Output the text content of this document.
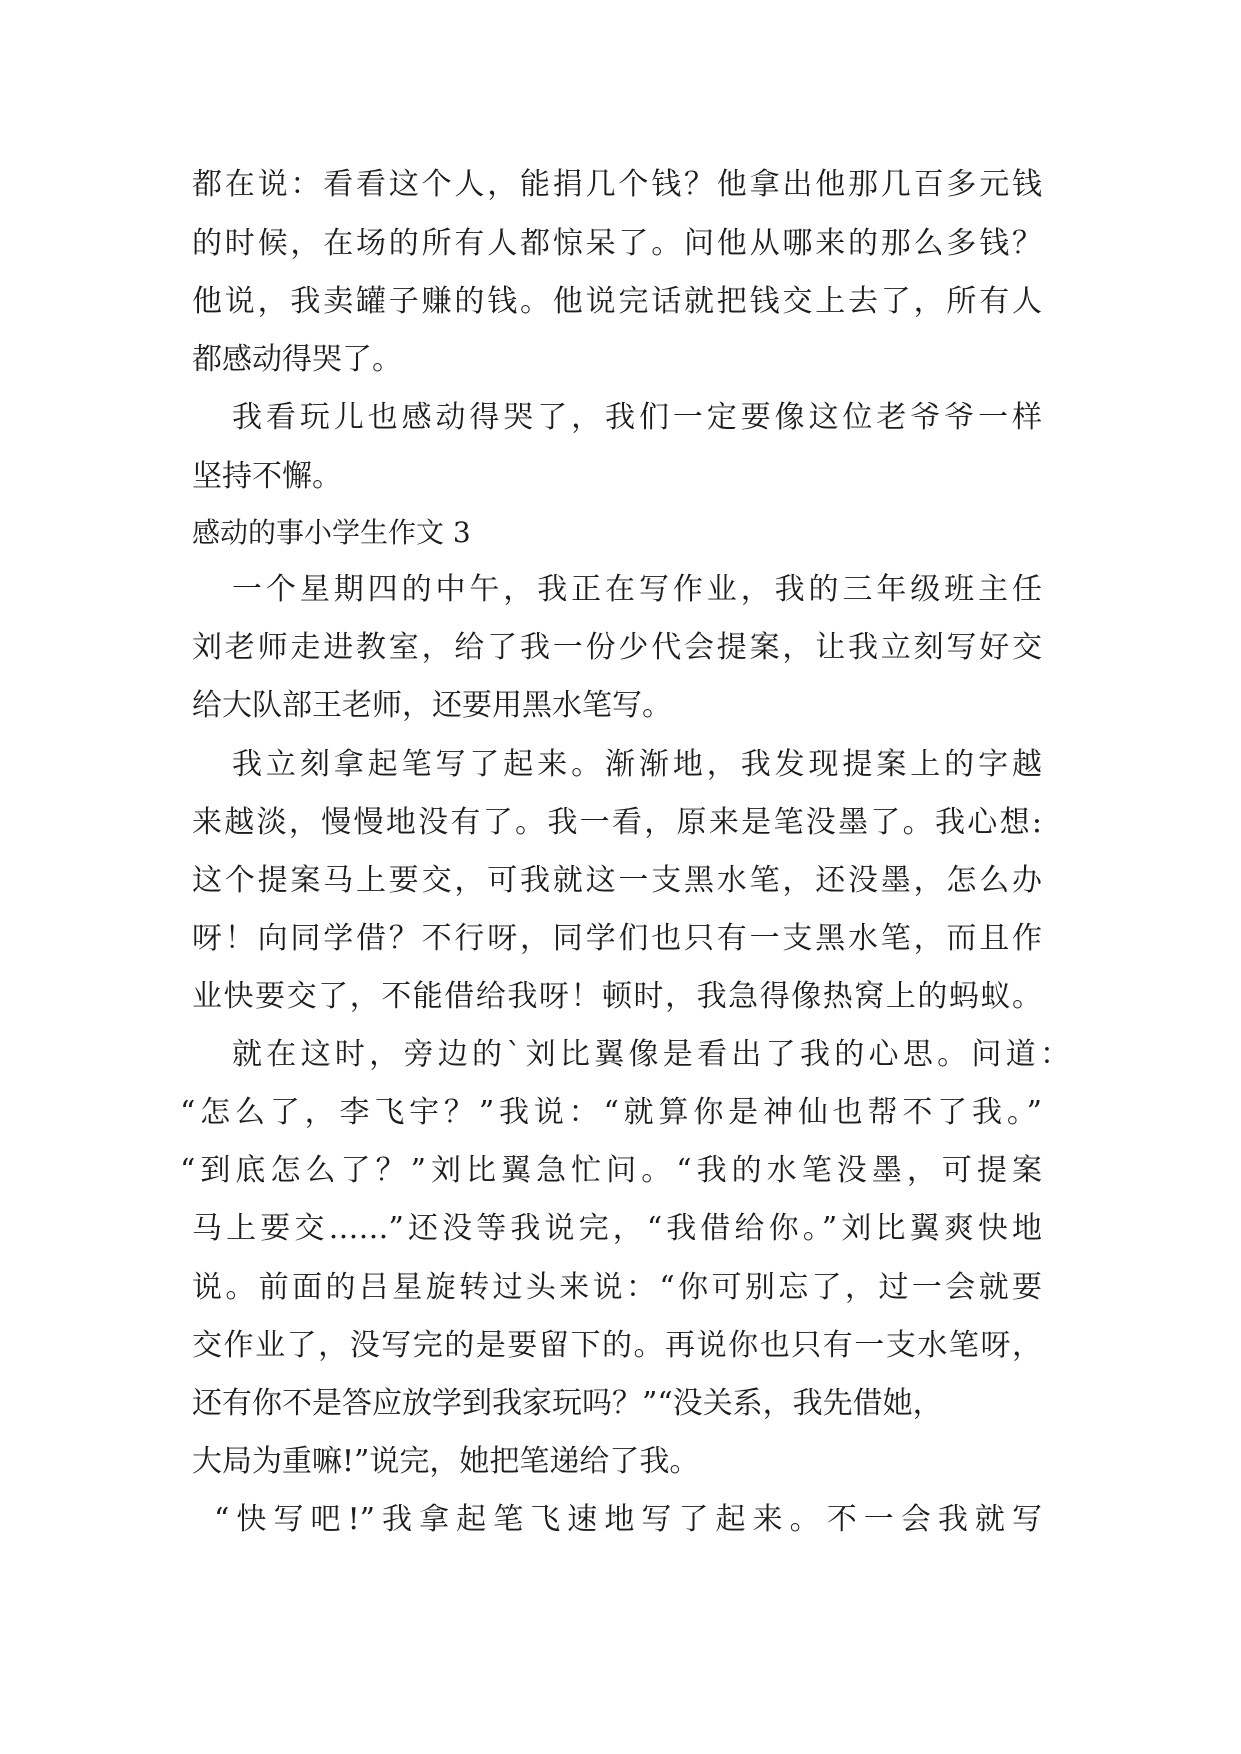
都在说：看看这个人，能捐几个钱？他拿出他那几百多元钱
的时候，在场的所有人都惊呆了。问他从哪来的那么多钱？
他说，我卖罐子赚的钱。他说完话就把钱交上去了，所有人
都感动得哭了。
我看玩儿也感动得哭了，我们一定要像这位老爷爷一样
坚持不懈。
感动的事小学生作文 3
一个星期四的中午，我正在写作业，我的三年级班主任
刘老师走进教室，给了我一份少代会提案，让我立刻写好交
给大队部王老师，还要用黑水笔写。
我立刻拿起笔写了起来。渐渐地，我发现提案上的字越
来越淡，慢慢地没有了。我一看，原来是笔没墨了。我心想:
这个提案马上要交，可我就这一支黑水笔，还没墨，怎么办
呀！向同学借？不行呀，同学们也只有一支黑水笔，而且作
业快要交了，不能借给我呀！顿时，我急得像热窝上的蚂蚁。
就在这时，旁边的`刘比翼像是看出了我的心思。问道：
“怎么了，李飞宇？”我说：“就算你是神仙也帮不了我。”
“到底怎么了？”刘比翼急忙问。“我的水笔没墨，可提案
马上要交……”还没等我说完，“我借给你。”刘比翼爽快地
说。前面的吕星旋转过头来说：“你可别忘了，过一会就要
交作业了，没写完的是要留下的。再说你也只有一支水笔呀，
还有你不是答应放学到我家玩吗？”“没关系，我先借她，
大局为重嘛!”说完，她把笔递给了我。
“快写吧!”我拿起笔飞速地写了起来。不一会我就写
